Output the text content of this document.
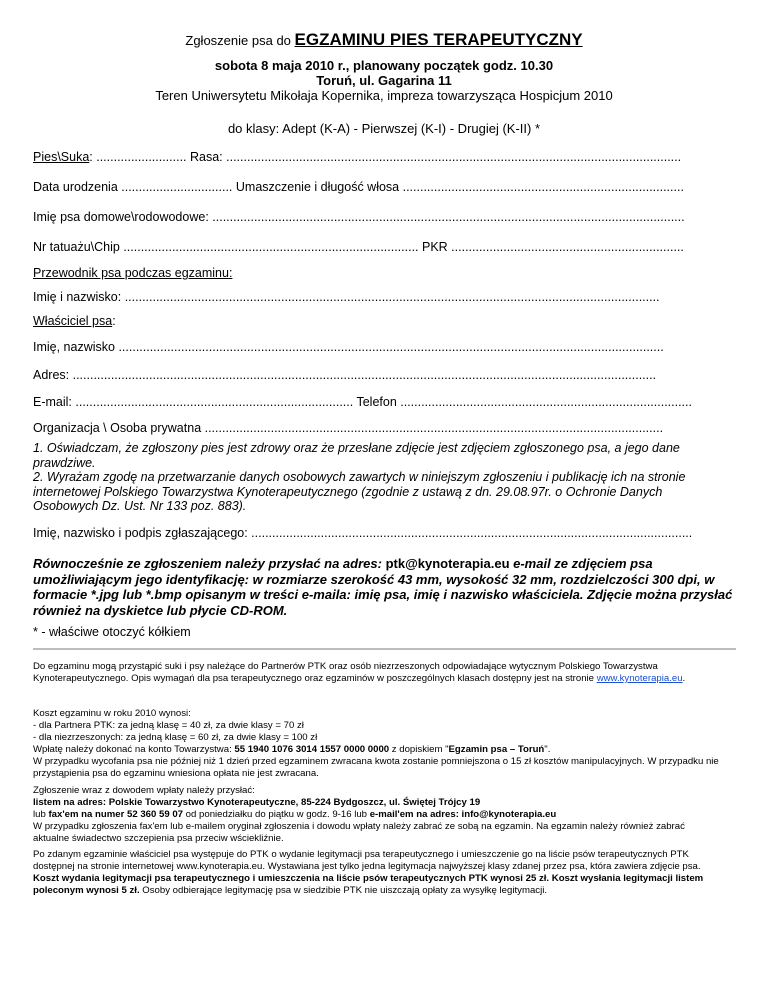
Zgłoszenie psa do EGZAMINU PIES TERAPEUTYCZNY
sobota 8 maja 2010 r., planowany początek godz. 10.30
Toruń, ul. Gagarina 11
Teren Uniwersytetu Mikołaja Kopernika, impreza towarzysząca Hospicjum 2010
do klasy: Adept (K-A) - Pierwszej (K-I) - Drugiej (K-II) *
Pies\Suka: .......................... Rasa: ...................................................................................................................................
Data urodzenia ................................ Umaszczenie i długość włosa .................................................................................
Imię psa domowe\rodowodowe: ........................................................................................................................................
Nr tatuażu\Chip ..................................................................................... PKR ...................................................................
Przewodnik psa podczas egzaminu:
Imię i nazwisko: ..........................................................................................................................................................
Właściciel psa:
Imię, nazwisko .............................................................................................................................................................
Adres: ........................................................................................................................................................................
E-mail: ................................................................................ Telefon ....................................................................................
Organizacja \ Osoba prywatna ....................................................................................................................................
1. Oświadczam, że zgłoszony pies jest zdrowy oraz że przesłane zdjęcie jest zdjęciem zgłoszonego psa, a jego dane prawdziwe.
2. Wyrażam zgodę na przetwarzanie danych osobowych zawartych w niniejszym zgłoszeniu i publikację ich na stronie internetowej Polskiego Towarzystwa Kynoterapeutycznego (zgodnie z ustawą z dn. 29.08.97r. o Ochronie Danych Osobowych Dz. Ust. Nr 133 poz. 883).
Imię, nazwisko i podpis zgłaszającego: ...............................................................................................................................
Równocześnie ze zgłoszeniem należy przysłać na adres: ptk@kynoterapia.eu e-mail ze zdjęciem psa umożliwiającym jego identyfikację: w rozmiarze szerokość 43 mm, wysokość 32 mm, rozdzielczości 300 dpi, w formacie *.jpg lub *.bmp opisanym w treści e-maila: imię psa, imię i nazwisko właściciela. Zdjęcie można przysłać również na dyskietce lub płycie CD-ROM.
* - właściwe otoczyć kółkiem
Do egzaminu mogą przystąpić suki i psy należące do Partnerów PTK oraz osób niezrzeszonych odpowiadające wytycznym Polskiego Towarzystwa Kynoterapeutycznego. Opis wymagań dla psa terapeutycznego oraz egzaminów w poszczególnych klasach dostępny jest na stronie www.kynoterapia.eu.
Koszt egzaminu w roku 2010 wynosi:
- dla Partnera PTK: za jedną klasę = 40 zł, za dwie klasy = 70 zł
- dla niezrzeszonych: za jedną klasę = 60 zł, za dwie klasy = 100 zł
Wpłatę należy dokonać na konto Towarzystwa: 55 1940 1076 3014 1557 0000 0000 z dopiskiem "Egzamin psa – Toruń".
W przypadku wycofania psa nie później niż 1 dzień przed egzaminem zwracana kwota zostanie pomniejszona o 15 zł kosztów manipulacyjnych. W przypadku nie przystąpienia psa do egzaminu wniesiona opłata nie jest zwracana.
Zgłoszenie wraz z dowodem wpłaty należy przysłać:
listem na adres: Polskie Towarzystwo Kynoterapeutyczne, 85-224 Bydgoszcz, ul. Świętej Trójcy 19
lub fax'em na numer 52 360 59 07 od poniedziałku do piątku w godz. 9-16 lub e-mail'em na adres: info@kynoterapia.eu
W przypadku zgłoszenia fax'em lub e-mailem oryginał zgłoszenia i dowodu wpłaty należy zabrać ze sobą na egzamin. Na egzamin należy również zabrać aktualne świadectwo szczepienia psa przeciw wściekliźnie.
Po zdanym egzaminie właściciel psa występuje do PTK o wydanie legitymacji psa terapeutycznego i umieszczenie go na liście psów terapeutycznych PTK dostępnej na stronie internetowej www.kynoterapia.eu. Wystawiana jest tylko jedna legitymacja najwyższej klasy zdanej przez psa, która zawiera zdjęcie psa. Koszt wydania legitymacji psa terapeutycznego i umieszczenia na liście psów terapeutycznych PTK wynosi 25 zł. Koszt wysłania legitymacji listem poleconym wynosi 5 zł. Osoby odbierające legitymację psa w siedzibie PTK nie uiszczają opłaty za wysyłkę legitymacji.
